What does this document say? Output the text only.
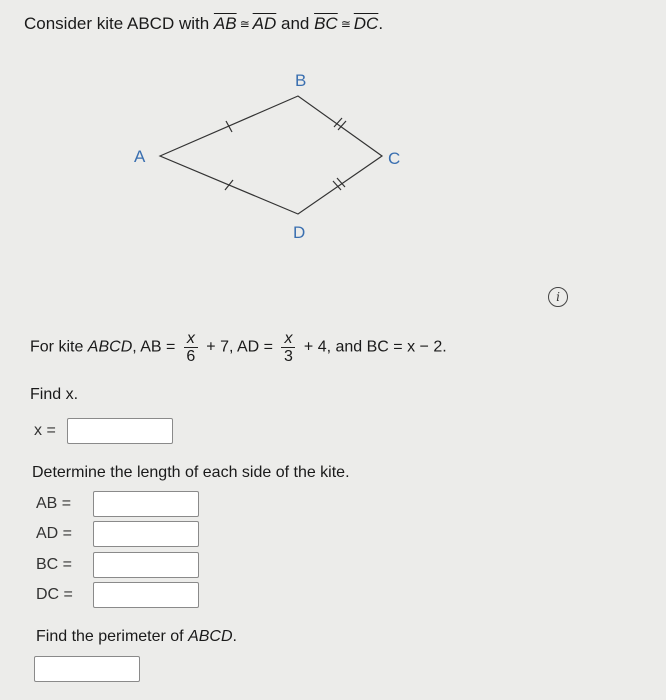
Consider kite ABCD with $\overline{AB}$ ≅ $\overline{AD}$ and $\overline{BC}$ ≅ $\overline{DC}$.
A
B
C
D
i
For kite ABCD, AB = $\frac{x}{6} + 7$, AD = $\frac{x}{3} + 4$, and BC = x − 2.
Find x.
x =
Determine the length of each side of the kite.
AB =
AD =
BC =
DC =
Find the perimeter of ABCD.
